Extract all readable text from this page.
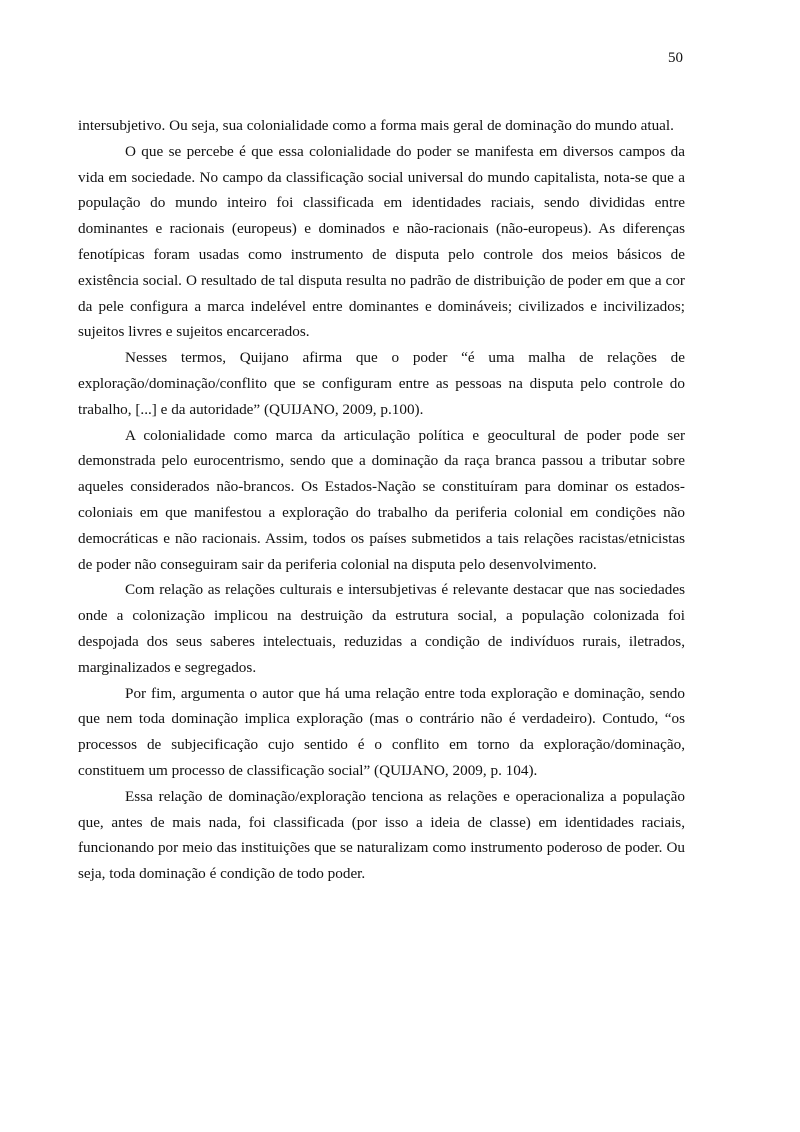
50

intersubjetivo. Ou seja, sua colonialidade como a forma mais geral de dominação do mundo atual.

O que se percebe é que essa colonialidade do poder se manifesta em diversos campos da vida em sociedade. No campo da classificação social universal do mundo capitalista, nota-se que a população do mundo inteiro foi classificada em identidades raciais, sendo divididas entre dominantes e racionais (europeus) e dominados e não-racionais (não-europeus). As diferenças fenotípicas foram usadas como instrumento de disputa pelo controle dos meios básicos de existência social. O resultado de tal disputa resulta no padrão de distribuição de poder em que a cor da pele configura a marca indelével entre dominantes e domináveis; civilizados e incivilizados; sujeitos livres e sujeitos encarcerados.

Nesses termos, Quijano afirma que o poder “é uma malha de relações de exploração/dominação/conflito que se configuram entre as pessoas na disputa pelo controle do trabalho, [...] e da autoridade” (QUIJANO, 2009, p.100).

A colonialidade como marca da articulação política e geocultural de poder pode ser demonstrada pelo eurocentrismo, sendo que a dominação da raça branca passou a tributar sobre aqueles considerados não-brancos. Os Estados-Nação se constituíram para dominar os estados-coloniais em que manifestou a exploração do trabalho da periferia colonial em condições não democráticas e não racionais. Assim, todos os países submetidos a tais relações racistas/etnicistas de poder não conseguiram sair da periferia colonial na disputa pelo desenvolvimento.

Com relação as relações culturais e intersubjetivas é relevante destacar que nas sociedades onde a colonização implicou na destruição da estrutura social, a população colonizada foi despojada dos seus saberes intelectuais, reduzidas a condição de indivíduos rurais, iletrados, marginalizados e segregados.

Por fim, argumenta o autor que há uma relação entre toda exploração e dominação, sendo que nem toda dominação implica exploração (mas o contrário não é verdadeiro). Contudo, “os processos de subjecificação cujo sentido é o conflito em torno da exploração/dominação, constituem um processo de classificação social” (QUIJANO, 2009, p. 104).

Essa relação de dominação/exploração tenciona as relações e operacionaliza a população que, antes de mais nada, foi classificada (por isso a ideia de classe) em identidades raciais, funcionando por meio das instituições que se naturalizam como instrumento poderoso de poder. Ou seja, toda dominação é condição de todo poder.
